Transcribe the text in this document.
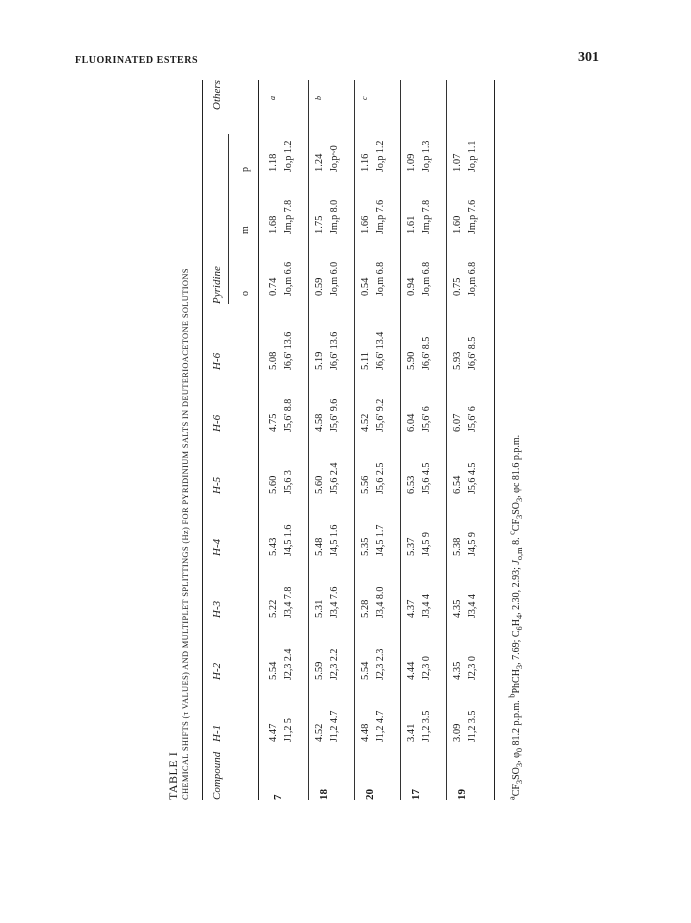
FLUORINATED ESTERS	301
TABLE I CHEMICAL SHIFTS (τ VALUES) AND MULTIPLET SPLITTINGS (Hz) FOR PYRIDINIUM SALTS IN DEUTERIOACETONE SOLUTIONS Compound
H-1
H-2
H-3
H-4
H-5
H-6
H-6
Pyridine
Others
o
m
p
7
4.47 J1,2 5
5.54 J2,3 2.4
5.22 J3,4 7.8
5.43 J4,5 1.6
5.60 J5,6 3
4.75 J5,6' 8.8
5.08 J6,6' 13.6
0.74 Jo,m 6.6
1.68 Jm,p 7.8
1.18 Jo,p 1.2
a
18
4.52 J1,2 4.7
5.59 J2,3 2.2
5.31 J3,4 7.6
5.48 J4,5 1.6
5.60 J5,6 2.4
4.58 J5,6' 9.6
5.19 J6,6' 13.6
0.59 Jo,m 6.0
1.75 Jm,p 8.0
1.24 Jo,p~0
b
20
4.48 J1,2 4.7
5.54 J2,3 2.3
5.28 J3,4 8.0
5.35 J4,5 1.7
5.56 J5,6 2.5
4.52 J5,6' 9.2
5.11 J6,6' 13.4
0.54 Jo,m 6.8
1.66 Jm,p 7.6
1.16 Jo,p 1.2
c
17
3.41 J1,2 3.5
4.44 J2,3 0
4.37 J3,4 4
5.37 J4,5 9
6.53 J5,6 4.5
6.04 J5,6' 6
5.90 J6,6' 8.5
0.94 Jo,m 6.8
1.61 Jm,p 7.8
1.09 Jo,p 1.3
19
3.09 J1,2 3.5
4.35 J2,3 0
4.35 J3,4 4
5.38 J4,5 9
6.54 J5,6 4.5
6.07 J5,6' 6
5.93 J6,6' 8.5
0.75 Jo,m 6.8
1.60 Jm,p 7.6
1.07 Jo,p 1.1
$^aCF_3SO_3$, $\varphi_0$ 81.2 p.p.m. $^b$PhCH$_3$, 7.69; $C_6H_4$, 2.30, 2.93; $J_{o,m}$ 8. $^cCF_3SO_3$, φc 81.6 p.p.m.
